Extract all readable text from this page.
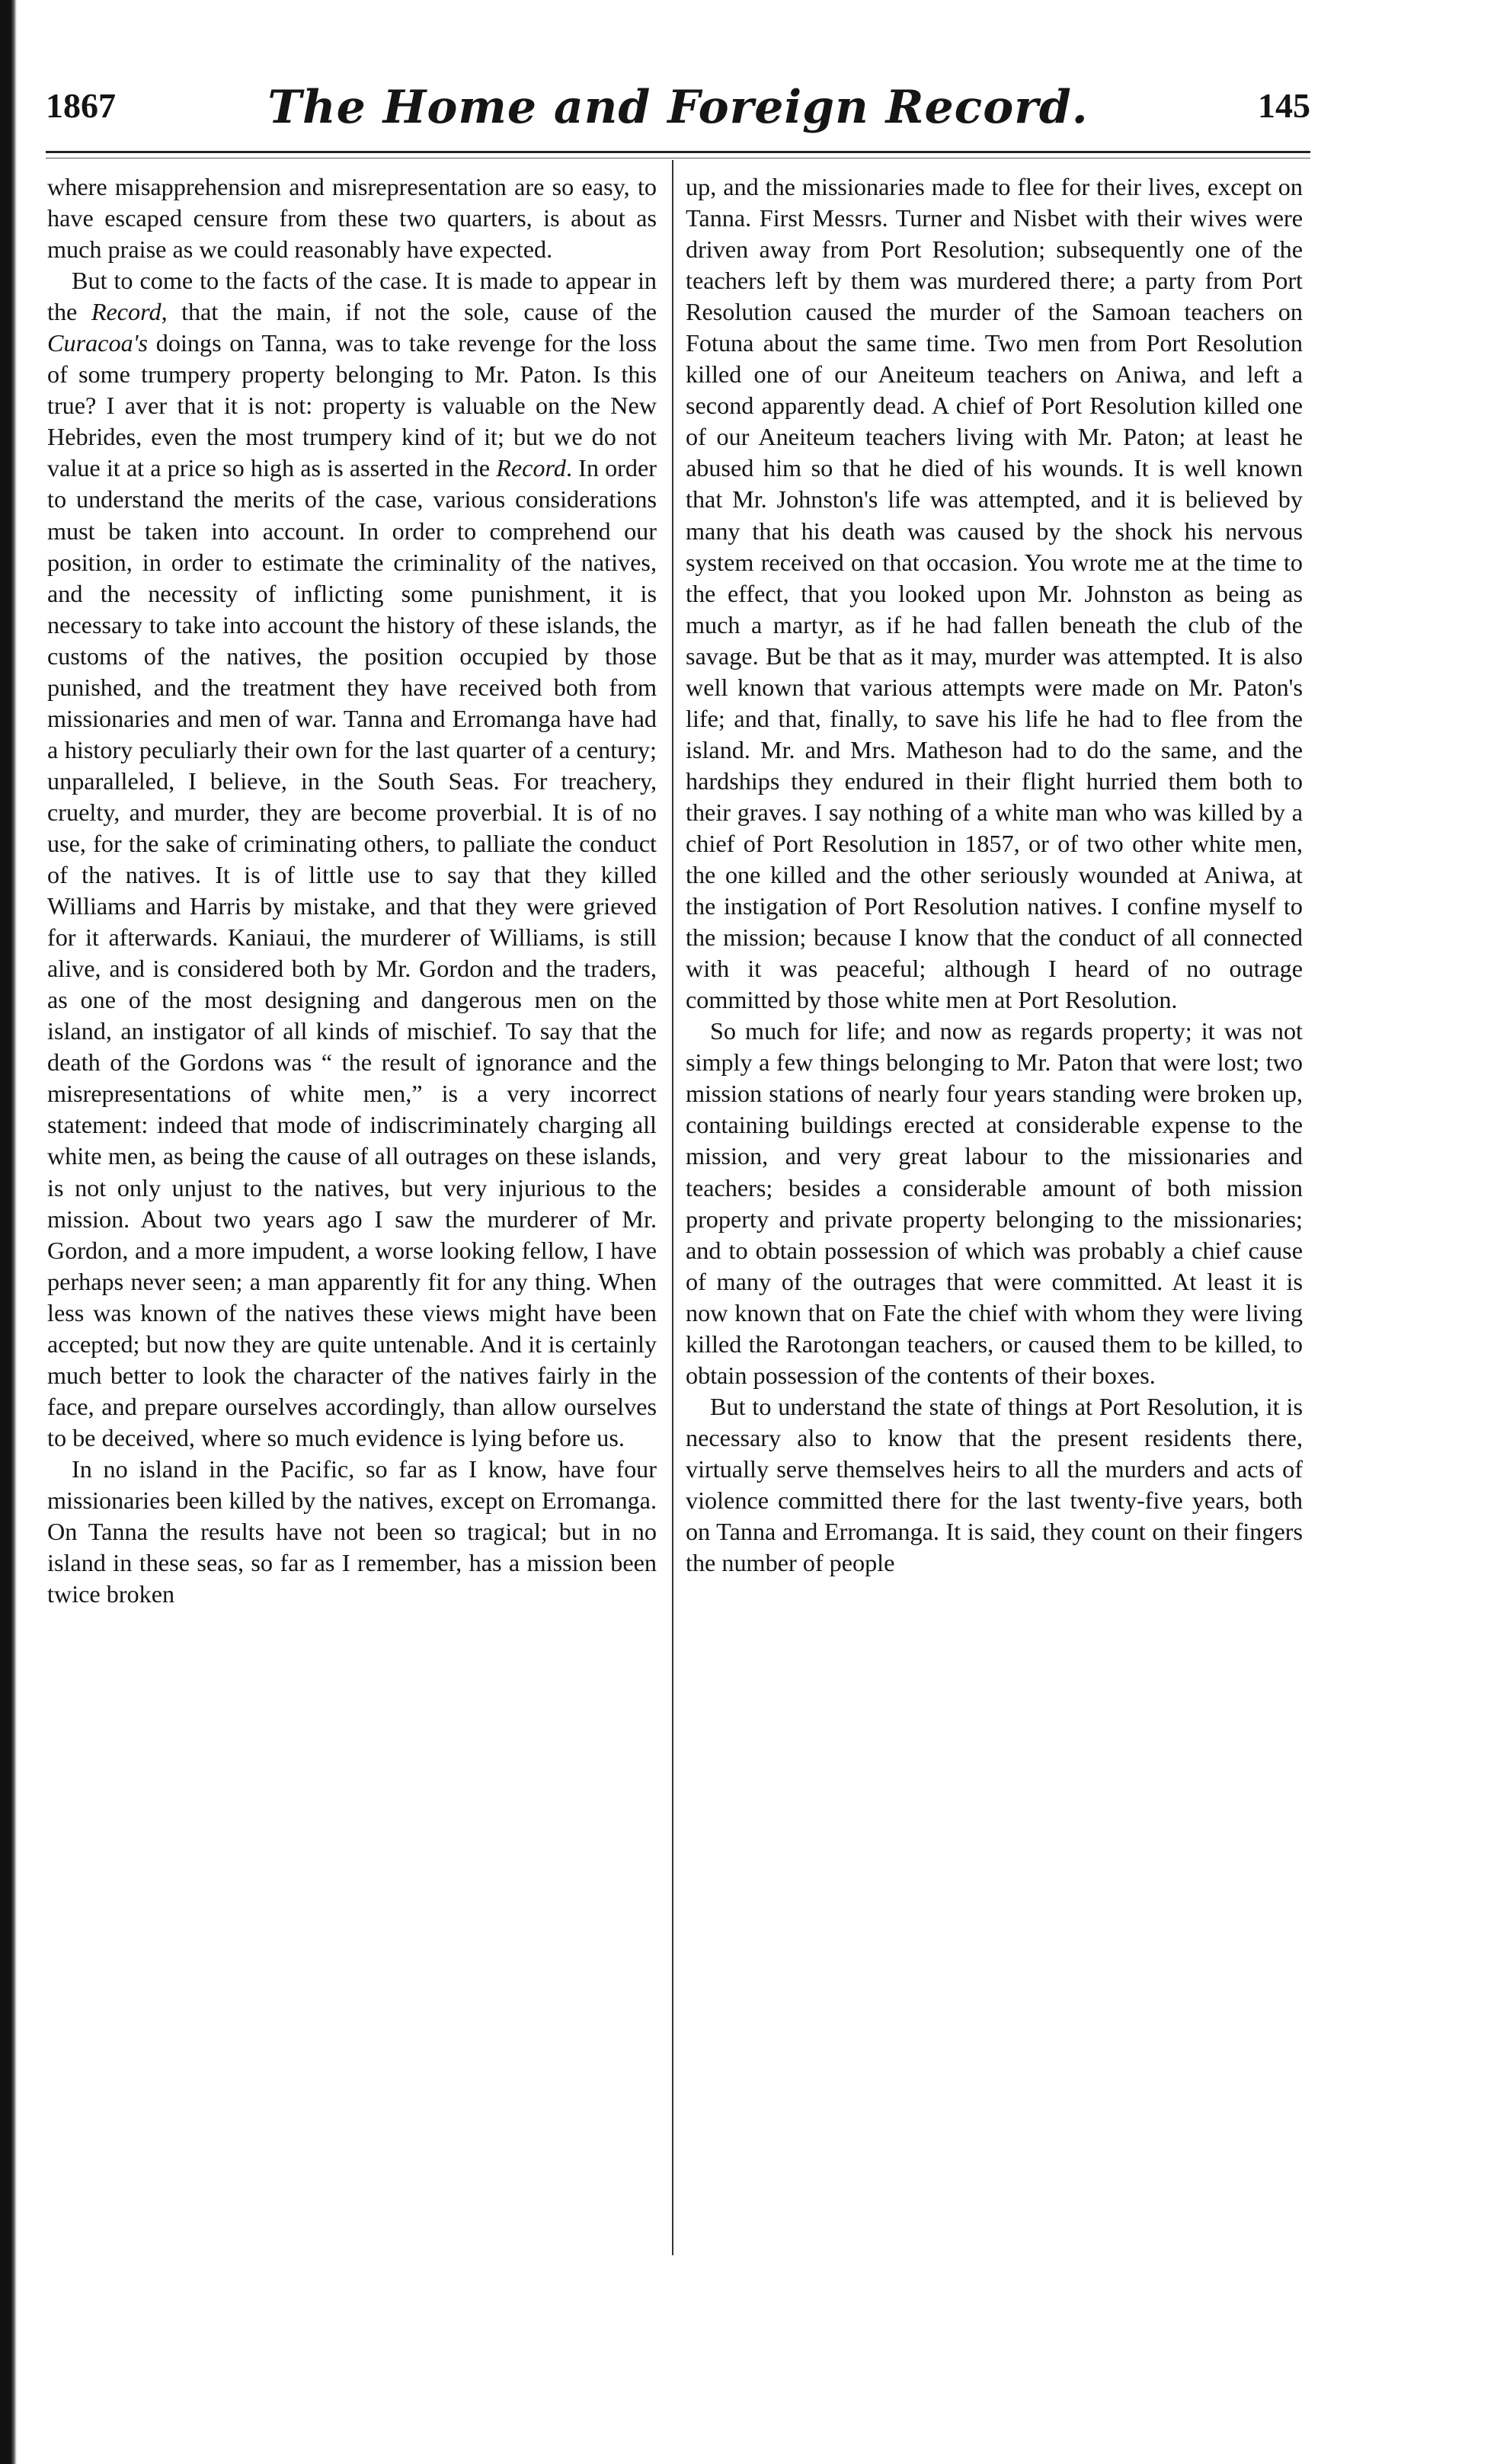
1867	The Home and Foreign Record.	145

where misapprehension and misrepresentation are so easy, to have escaped censure from these two quarters, is about as much praise as we could reasonably have expected.

But to come to the facts of the case. It is made to appear in the Record, that the main, if not the sole, cause of the Curacoa's doings on Tanna, was to take revenge for the loss of some trumpery property belonging to Mr. Paton. Is this true? I aver that it is not: property is valuable on the New Hebrides, even the most trumpery kind of it; but we do not value it at a price so high as is asserted in the Record. In order to understand the merits of the case, various considerations must be taken into account. In order to comprehend our position, in order to estimate the criminality of the natives, and the necessity of inflicting some punishment, it is necessary to take into account the history of these islands, the customs of the natives, the position occupied by those punished, and the treatment they have received both from missionaries and men of war. Tanna and Erromanga have had a history peculiarly their own for the last quarter of a century; unparalleled, I believe, in the South Seas. For treachery, cruelty, and murder, they are become proverbial. It is of no use, for the sake of criminating others, to palliate the conduct of the natives. It is of little use to say that they killed Williams and Harris by mistake, and that they were grieved for it afterwards. Kaniaui, the murderer of Williams, is still alive, and is considered both by Mr. Gordon and the traders, as one of the most designing and dangerous men on the island, an instigator of all kinds of mischief. To say that the death of the Gordons was “ the result of ignorance and the misrepresentations of white men,” is a very incorrect statement: indeed that mode of indiscriminately charging all white men, as being the cause of all outrages on these islands, is not only unjust to the natives, but very injurious to the mission. About two years ago I saw the murderer of Mr. Gordon, and a more impudent, a worse looking fellow, I have perhaps never seen; a man apparently fit for any thing. When less was known of the natives these views might have been accepted; but now they are quite untenable. And it is certainly much better to look the character of the natives fairly in the face, and prepare ourselves accordingly, than allow ourselves to be deceived, where so much evidence is lying before us.

In no island in the Pacific, so far as I know, have four missionaries been killed by the natives, except on Erromanga. On Tanna the results have not been so tragical; but in no island in these seas, so far as I remember, has a mission been twice broken

up, and the missionaries made to flee for their lives, except on Tanna. First Messrs. Turner and Nisbet with their wives were driven away from Port Resolution; subsequently one of the teachers left by them was murdered there; a party from Port Resolution caused the murder of the Samoan teachers on Fotuna about the same time. Two men from Port Resolution killed one of our Aneiteum teachers on Aniwa, and left a second apparently dead. A chief of Port Resolution killed one of our Aneiteum teachers living with Mr. Paton; at least he abused him so that he died of his wounds. It is well known that Mr. Johnston's life was attempted, and it is believed by many that his death was caused by the shock his nervous system received on that occasion. You wrote me at the time to the effect, that you looked upon Mr. Johnston as being as much a martyr, as if he had fallen beneath the club of the savage. But be that as it may, murder was attempted. It is also well known that various attempts were made on Mr. Paton's life; and that, finally, to save his life he had to flee from the island. Mr. and Mrs. Matheson had to do the same, and the hardships they endured in their flight hurried them both to their graves. I say nothing of a white man who was killed by a chief of Port Resolution in 1857, or of two other white men, the one killed and the other seriously wounded at Aniwa, at the instigation of Port Resolution natives. I confine myself to the mission; because I know that the conduct of all connected with it was peaceful; although I heard of no outrage committed by those white men at Port Resolution.

So much for life; and now as regards property; it was not simply a few things belonging to Mr. Paton that were lost; two mission stations of nearly four years standing were broken up, containing buildings erected at considerable expense to the mission, and very great labour to the missionaries and teachers; besides a considerable amount of both mission property and private property belonging to the missionaries; and to obtain possession of which was probably a chief cause of many of the outrages that were committed. At least it is now known that on Fate the chief with whom they were living killed the Rarotongan teachers, or caused them to be killed, to obtain possession of the contents of their boxes.

But to understand the state of things at Port Resolution, it is necessary also to know that the present residents there, virtually serve themselves heirs to all the murders and acts of violence committed there for the last twenty-five years, both on Tanna and Erromanga. It is said, they count on their fingers the number of people
